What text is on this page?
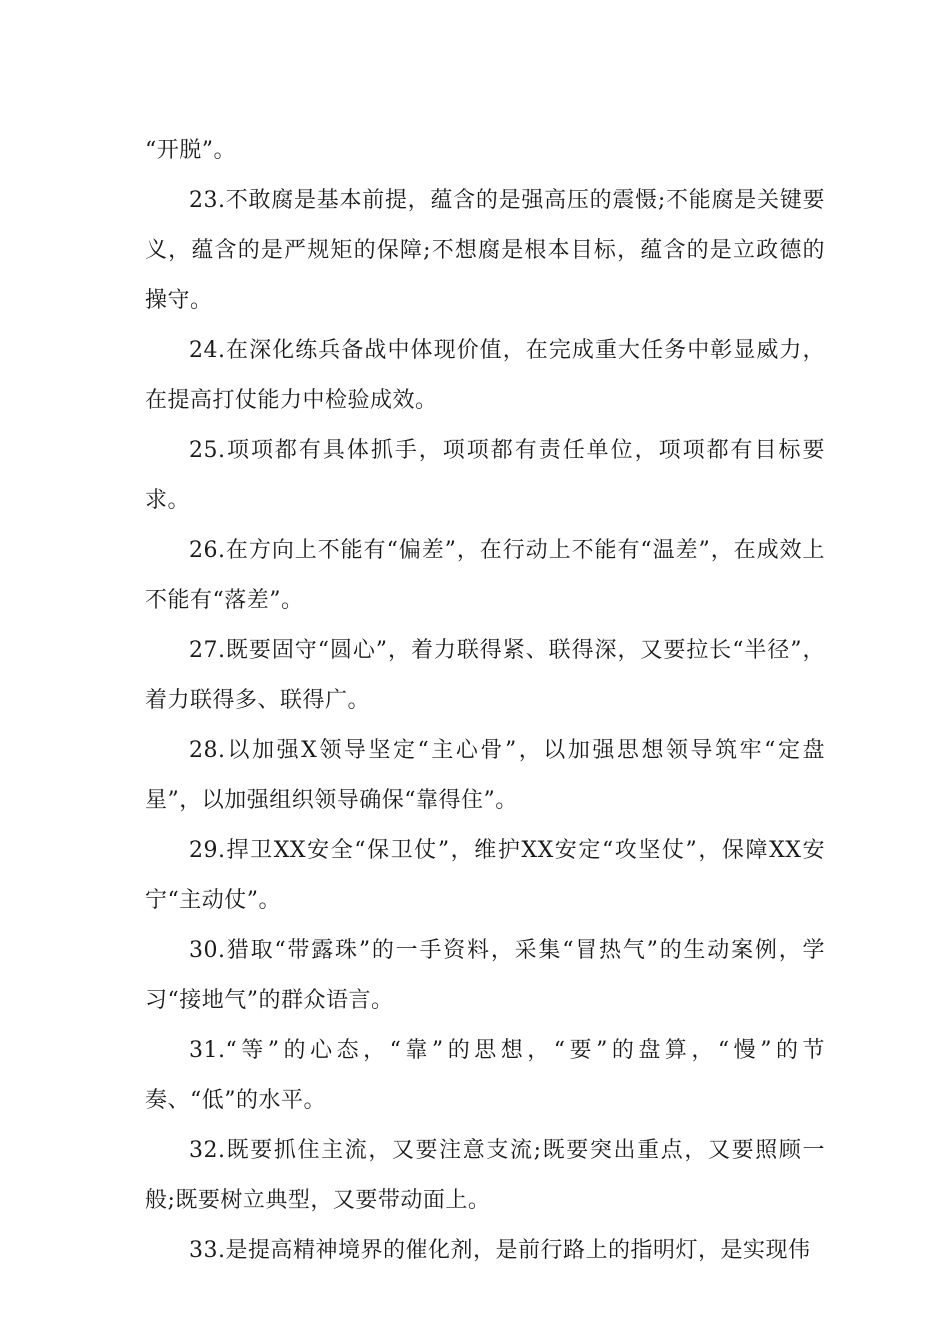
“开脱”。

23.不敢腐是基本前提，蕴含的是强高压的震慑;不能腐是关键要义，蕴含的是严规矩的保障;不想腐是根本目标，蕴含的是立政德的操守。

24.在深化练兵备战中体现价值，在完成重大任务中彰显威力，在提高打仗能力中检验成效。

25.项项都有具体抓手，项项都有责任单位，项项都有目标要求。

26.在方向上不能有“偏差”，在行动上不能有“温差”，在成效上不能有“落差”。

27.既要固守“圆心”，着力联得紧、联得深，又要拉长“半径”，着力联得多、联得广。

28.以加强X领导坚定“主心骨”，以加强思想领导筑牢“定盘星”，以加强组织领导确保“靠得住”。

29.捍卫XX安全“保卫仗”，维护XX安定“攻坚仗”，保障XX安宁“主动仗”。

30.猎取“带露珠”的一手资料，采集“冒热气”的生动案例，学习“接地气”的群众语言。

31.“等”的心态，“靠”的思想，“要”的盘算，“慢”的节奏、“低”的水平。

32.既要抓住主流，又要注意支流;既要突出重点，又要照顾一般;既要树立典型，又要带动面上。

33.是提高精神境界的催化剂，是前行路上的指明灯，是实现伟
